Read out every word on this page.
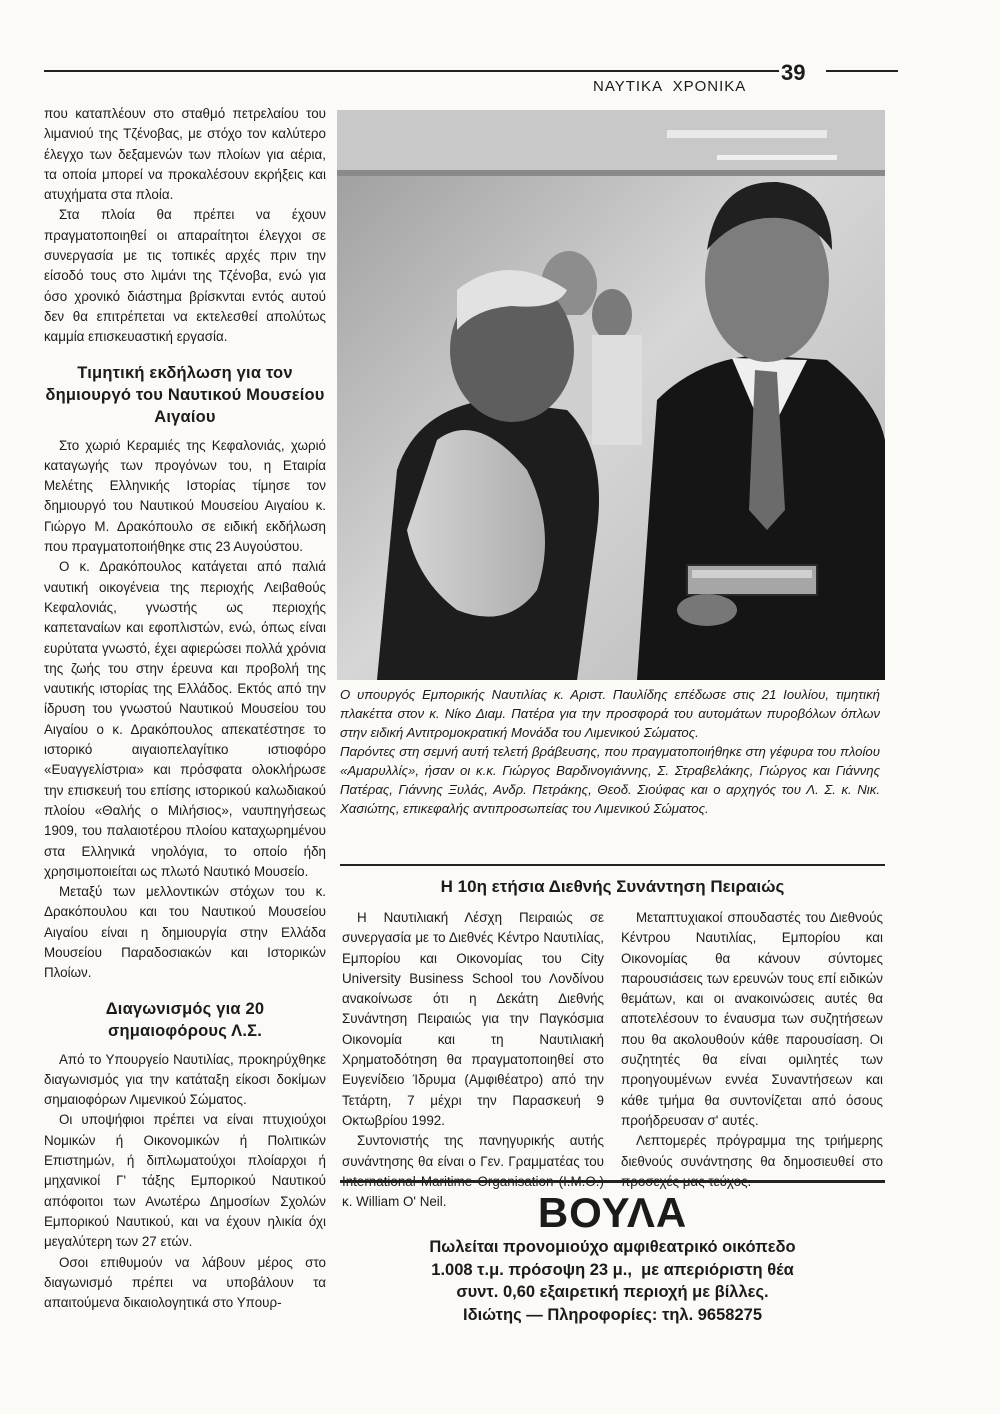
ΝΑΥΤΙΚΑ  ΧΡΟΝΙΚΑ
39

που καταπλέουν στο σταθμό πετρελαίου του λιμανιού της Τζένοβας, με στόχο τον καλύτερο έλεγχο των δεξαμενών των πλοίων για αέρια, τα οποία μπορεί να προκαλέσουν εκρήξεις και ατυχήματα στα πλοία.

Στα πλοία θα πρέπει να έχουν πραγματοποιηθεί οι απαραίτητοι έλεγχοι σε συνεργασία με τις τοπικές αρχές πριν την είσοδό τους στο λιμάνι της Τζένοβα, ενώ για όσο χρονικό διάστημα βρίσκνται εντός αυτού δεν θα επιτρέπεται να εκτελεσθεί απολύτως καμμία επισκευαστική εργασία.

Τιμητική εκδήλωση για τον δημιουργό του Ναυτικού Μουσείου Αιγαίου

Στο χωριό Κεραμιές της Κεφαλονιάς, χωριό καταγωγής των προγόνων του, η Εταιρία Μελέτης Ελληνικής Ιστορίας τίμησε τον δημιουργό του Ναυτικού Μουσείου Αιγαίου κ. Γιώργο Μ. Δρακόπουλο σε ειδική εκδήλωση που πραγματοποιήθηκε στις 23 Αυγούστου.

Ο κ. Δρακόπουλος κατάγεται από παλιά ναυτική οικογένεια της περιοχής Λειβαθούς Κεφαλονιάς, γνωστής ως περιοχής καπεταναίων και εφοπλιστών, ενώ, όπως είναι ευρύτατα γνωστό, έχει αφιερώσει πολλά χρόνια της ζωής του στην έρευνα και προβολή της ναυτικής ιστορίας της Ελλάδος. Εκτός από την ίδρυση του γνωστού Ναυτικού Μουσείου του Αιγαίου ο κ. Δρακόπουλος απεκατέστησε το ιστορικό αιγαιοπελαγίτικο ιστιοφόρο «Ευαγγελίστρια» και πρόσφατα ολοκλήρωσε την επισκευή του επίσης ιστορικού καλωδιακού πλοίου «Θαλής ο Μιλήσιος», ναυπηγήσεως 1909, του παλαιοτέρου πλοίου καταχωρημένου στα Ελληνικά νηολόγια, το οποίο ήδη χρησιμοποιείται ως πλωτό Ναυτικό Μουσείο.

Μεταξύ των μελλοντικών στόχων του κ. Δρακόπουλου και του Ναυτικού Μουσείου Αιγαίου είναι η δημιουργία στην Ελλάδα Μουσείου Παραδοσιακών και Ιστορικών Πλοίων.

Διαγωνισμός για 20 σημαιοφόρους Λ.Σ.

Από το Υπουργείο Ναυτιλίας, προκηρύχθηκε διαγωνισμός για την κατάταξη είκοσι δοκίμων σημαιοφόρων Λιμενικού Σώματος.

Οι υποψήφιοι πρέπει να είναι πτυχιούχοι Νομικών ή Οικονομικών ή Πολιτικών Επιστημών, ή διπλωματούχοι πλοίαρχοι ή μηχανικοί Γ' τάξης Εμπορικού Ναυτικού απόφοιτοι των Ανωτέρω Δημοσίων Σχολών Εμπορικού Ναυτικού, και να έχουν ηλικία όχι μεγαλύτερη των 27 ετών.

Οσοι επιθυμούν να λάβουν μέρος στο διαγωνισμό πρέπει να υποβάλουν τα απαιτούμενα δικαιολογητικά στο Υπουρ-

Ο υπουργός Εμπορικής Ναυτιλίας κ. Αριστ. Παυλίδης επέδωσε στις 21 Ιουλίου, τιμητική πλακέττα στον κ. Νίκο Διαμ. Πατέρα για την προσφορά του αυτομάτων πυροβόλων όπλων στην ειδική Αντιτρομοκρατική Μονάδα του Λιμενικού Σώματος.

Παρόντες στη σεμνή αυτή τελετή βράβευσης, που πραγματοποιήθηκε στη γέφυρα του πλοίου «Αμαρυλλίς», ήσαν οι κ.κ. Γιώργος Βαρδινογιάννης, Σ. Στραβελάκης, Γιώργος και Γιάννης Πατέρας, Γιάννης Ξυλάς, Ανδρ. Πετράκης, Θεοδ. Σιούφας και ο αρχηγός του Λ. Σ. κ. Νικ. Χασιώτης, επικεφαλής αντιπροσωπείας του Λιμενικού Σώματος.

Η 10η ετήσια Διεθνής Συνάντηση Πειραιώς

Η Ναυτιλιακή Λέσχη Πειραιώς σε συνεργασία με το Διεθνές Κέντρο Ναυτιλίας, Εμπορίου και Οικονομίας του City University Business School του Λονδίνου ανακοίνωσε ότι η Δεκάτη Διεθνής Συνάντηση Πειραιώς για την Παγκόσμια Οικονομία και τη Ναυτιλιακή Χρηματοδότηση θα πραγματοποιηθεί στο Ευγενίδειο Ίδρυμα (Αμφιθέατρο) από την Τετάρτη, 7 μέχρι την Παρασκευή 9 Οκτωβρίου 1992.

Συντονιστής της πανηγυρικής αυτής συνάντησης θα είναι ο Γεν. Γραμματέας του κ. William O' Neil.

Μεταπτυχιακοί σπουδαστές του Διεθνούς Κέντρου Ναυτιλίας, Εμπορίου και Οικονομίας θα κάνουν σύντομες παρουσιάσεις των ερευνών τους επί ειδικών θεμάτων, και οι ανακοινώσεις αυτές θα αποτελέσουν το έναυσμα των συζητήσεων που θα ακολουθούν κάθε παρουσίαση. Οι συζητητές θα είναι ομιλητές των προηγουμένων εννέα Συναντήσεων και κάθε τμήμα θα συντονίζεται από όσους προήδρευσαν σ' αυτές.

Λεπτομερές πρόγραμμα της τριήμερης διεθνούς συνάντησης θα δημοσιευθεί στο

ΒΟΥΛΑ
Πωλείται προνομιούχο αμφιθεατρικό οικόπεδο
1.008 τ.μ. πρόσοψη 23 μ.,  με απεριόριστη θέα
συντ. 0,60 εξαιρετική περιοχή με βίλλες.
Ιδιώτης — Πληροφορίες: τηλ. 9658275
